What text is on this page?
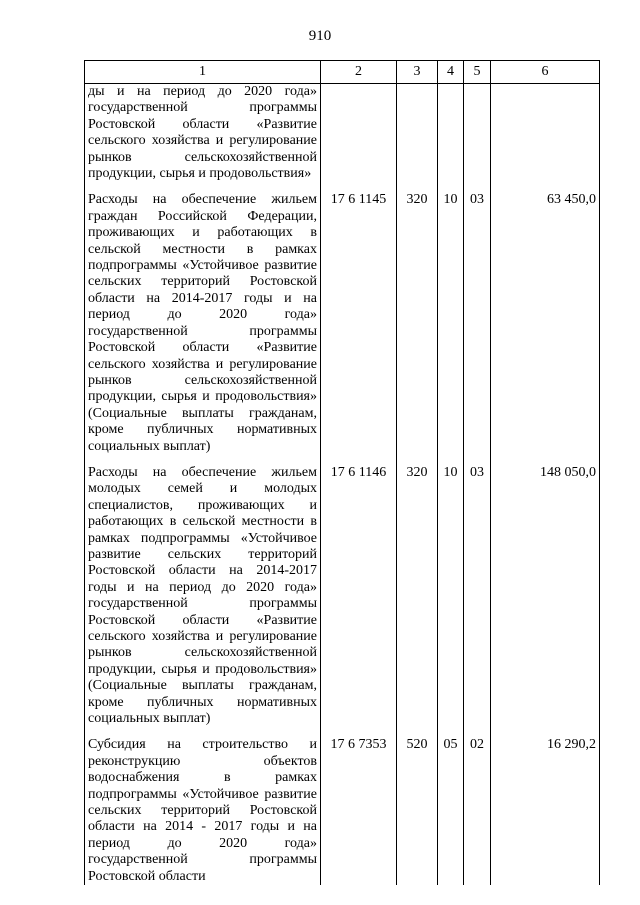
910
1	2	3	4	5	6
ды и на период до 2020 года» государственной программы Ростовской области «Развитие сельского хозяйства и регулирование рынков сельскохозяйственной продукции, сырья и продовольствия»					

Расходы на обеспечение жильем граждан Российской Федерации, проживающих и работающих в сельской местности в рамках подпрограммы «Устойчивое развитие сельских территорий Ростовской области на 2014-2017 годы и на период до 2020 года» государственной программы Ростовской области «Развитие сельского хозяйства и регулирование рынков сельскохозяйственной продукции, сырья и продовольствия» (Социальные выплаты гражданам, кроме публичных нормативных социальных выплат)	17 6 1145	320	10	03	63 450,0

Расходы на обеспечение жильем молодых семей и молодых специалистов, проживающих и работающих в сельской местности в рамках подпрограммы «Устойчивое развитие сельских территорий Ростовской области на 2014-2017 годы и на период до 2020 года» государственной программы Ростовской области «Развитие сельского хозяйства и регулирование рынков сельскохозяйственной продукции, сырья и продовольствия» (Социальные выплаты гражданам, кроме публичных нормативных социальных выплат)	17 6 1146	320	10	03	148 050,0

Субсидия на строительство и реконструкцию объектов водоснабжения в рамках подпрограммы «Устойчивое развитие сельских территорий Ростовской области на 2014 - 2017 годы и на период до 2020 года» государственной программы Ростовской области	17 6 7353	520	05	02	16 290,2
